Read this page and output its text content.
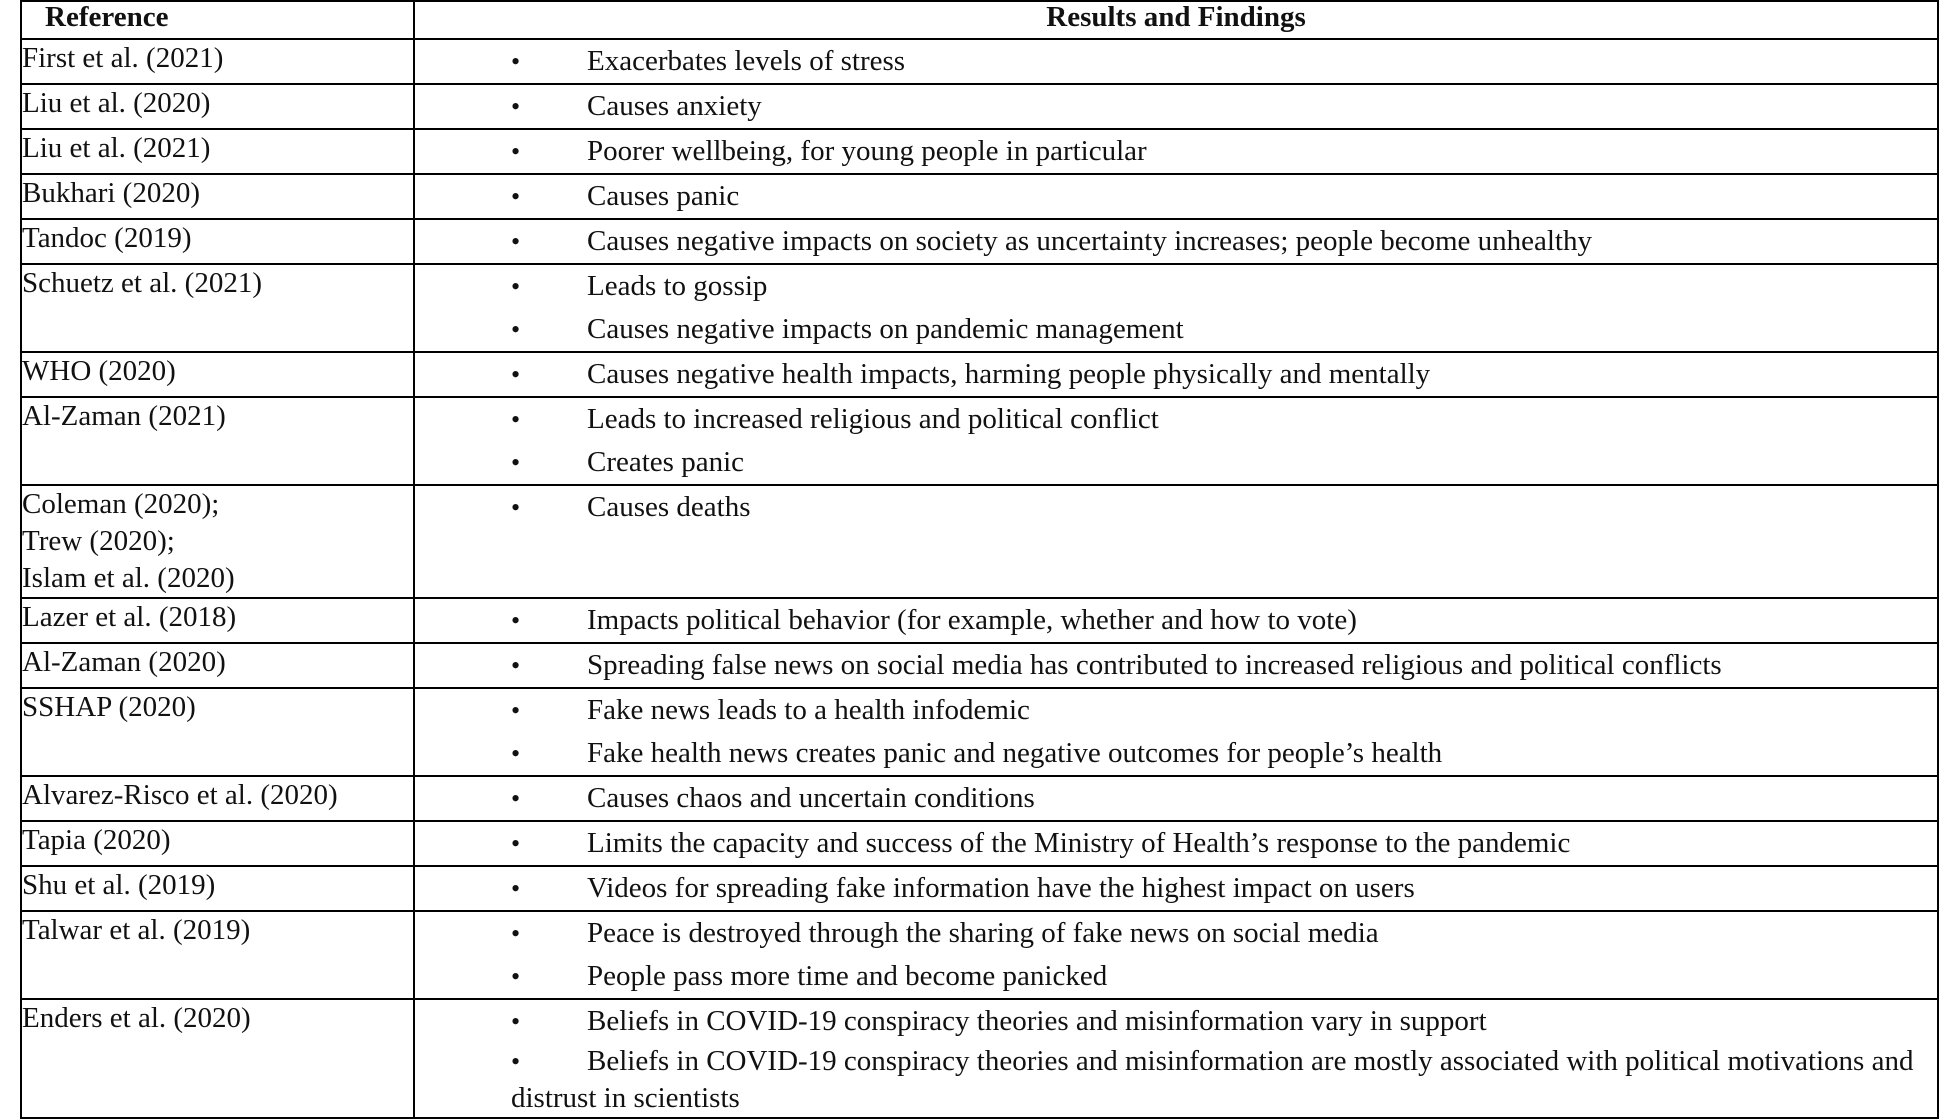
Reference	Results and Findings

First et al. (2021)	• Exacerbates levels of stress

Liu et al. (2020)	• Causes anxiety

Liu et al. (2021)	• Poorer wellbeing, for young people in particular

Bukhari (2020)	• Causes panic

Tandoc (2019)	• Causes negative impacts on society as uncertainty increases; people become unhealthy

Schuetz et al. (2021)	• Leads to gossip
• Causes negative impacts on pandemic management

WHO (2020)	• Causes negative health impacts, harming people physically and mentally

Al-Zaman (2021)	• Leads to increased religious and political conflict
• Creates panic

Coleman (2020);
Trew (2020);
Islam et al. (2020)	• Causes deaths

Lazer et al. (2018)	• Impacts political behavior (for example, whether and how to vote)

Al-Zaman (2020)	• Spreading false news on social media has contributed to increased religious and political conflicts

SSHAP (2020)	• Fake news leads to a health infodemic
• Fake health news creates panic and negative outcomes for people’s health

Alvarez-Risco et al. (2020)	• Causes chaos and uncertain conditions

Tapia (2020)	• Limits the capacity and success of the Ministry of Health’s response to the pandemic

Shu et al. (2019)	• Videos for spreading fake information have the highest impact on users

Talwar et al. (2019)	• Peace is destroyed through the sharing of fake news on social media
• People pass more time and become panicked

Enders et al. (2020)	• Beliefs in COVID-19 conspiracy theories and misinformation vary in support
• Beliefs in COVID-19 conspiracy theories and misinformation are mostly associated with political motivations and distrust in scientists
